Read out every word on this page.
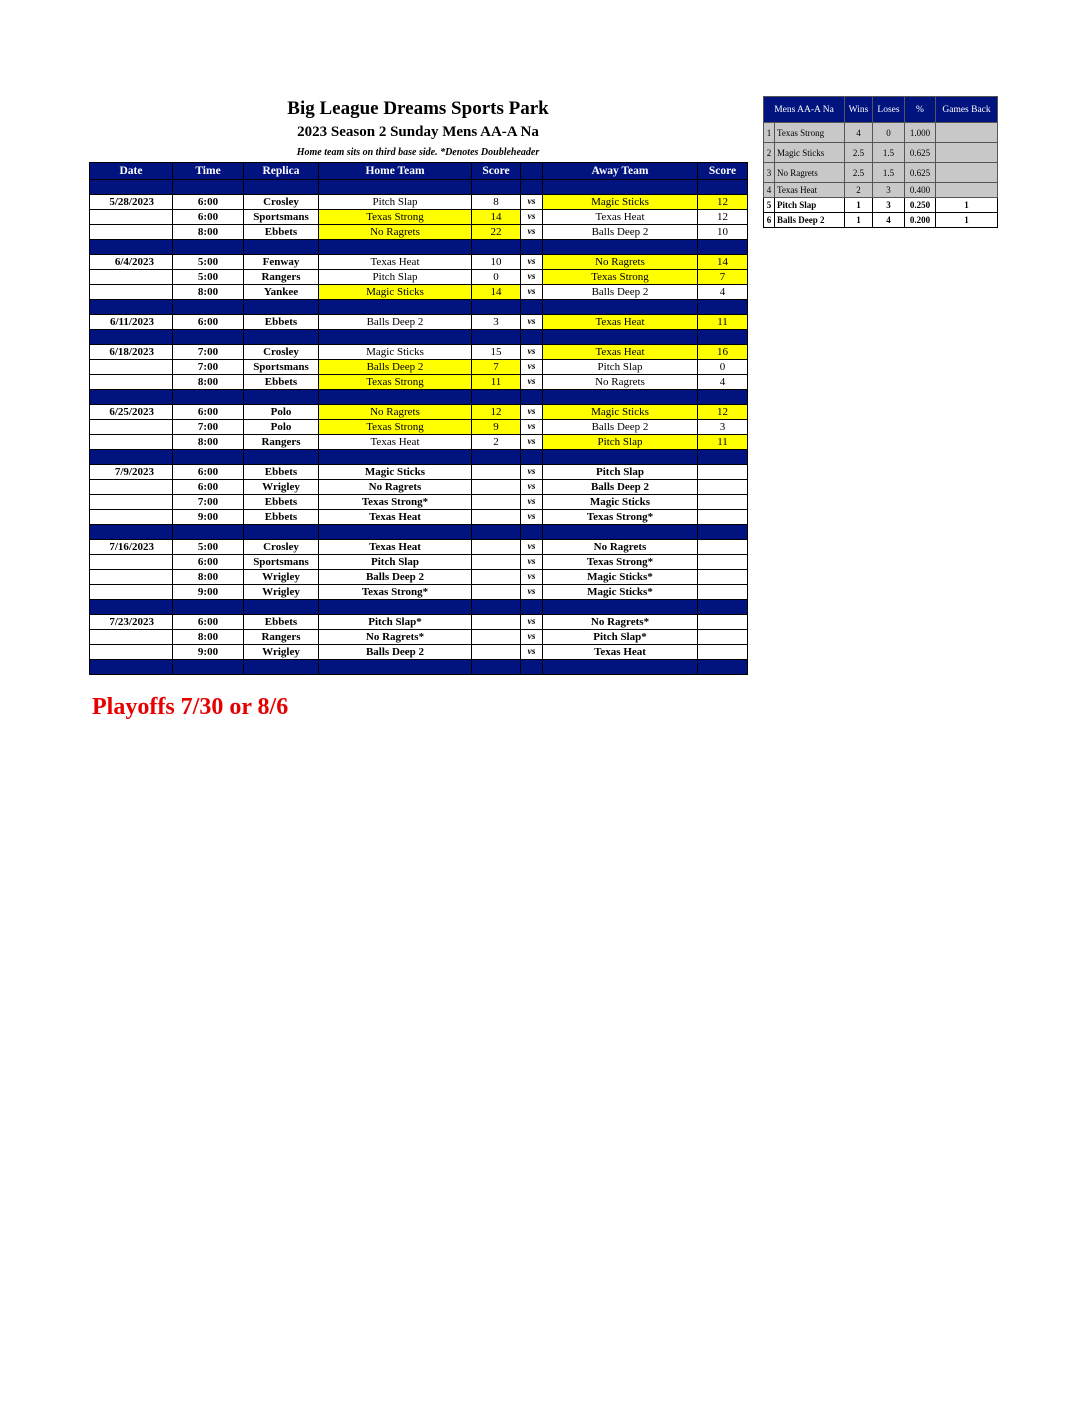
Big League Dreams Sports Park
2023 Season 2 Sunday Mens AA-A Na
Home team sits on third base side. *Denotes Doubleheader
Date	Time	Replica	Home Team	Score		Away Team	Score

5/28/2023	6:00	Crosley	Pitch Slap	8	vs	Magic Sticks	12
	6:00	Sportsmans	Texas Strong	14	vs	Texas Heat	12
	8:00	Ebbets	No Ragrets	22	vs	Balls Deep 2	10

6/4/2023	5:00	Fenway	Texas Heat	10	vs	No Ragrets	14
	5:00	Rangers	Pitch Slap	0	vs	Texas Strong	7
	8:00	Yankee	Magic Sticks	14	vs	Balls Deep 2	4

6/11/2023	6:00	Ebbets	Balls Deep 2	3	vs	Texas Heat	11

6/18/2023	7:00	Crosley	Magic Sticks	15	vs	Texas Heat	16
	7:00	Sportsmans	Balls Deep 2	7	vs	Pitch Slap	0
	8:00	Ebbets	Texas Strong	11	vs	No Ragrets	4

6/25/2023	6:00	Polo	No Ragrets	12	vs	Magic Sticks	12
	7:00	Polo	Texas Strong	9	vs	Balls Deep 2	3
	8:00	Rangers	Texas Heat	2	vs	Pitch Slap	11

7/9/2023	6:00	Ebbets	Magic Sticks		vs	Pitch Slap	
	6:00	Wrigley	No Ragrets		vs	Balls Deep 2	
	7:00	Ebbets	Texas Strong*		vs	Magic Sticks	
	9:00	Ebbets	Texas Heat		vs	Texas Strong*	

7/16/2023	5:00	Crosley	Texas Heat		vs	No Ragrets	
	6:00	Sportsmans	Pitch Slap		vs	Texas Strong*	
	8:00	Wrigley	Balls Deep 2		vs	Magic Sticks*	
	9:00	Wrigley	Texas Strong*		vs	Magic Sticks*	

7/23/2023	6:00	Ebbets	Pitch Slap*		vs	No Ragrets*	
	8:00	Rangers	No Ragrets*		vs	Pitch Slap*	
	9:00	Wrigley	Balls Deep 2		vs	Texas Heat	

Mens AA-A Na		Wins	Loses	%	Games Back
1	Texas Strong	4	0	1.000	
2	Magic Sticks	2.5	1.5	0.625	
3	No Ragrets	2.5	1.5	0.625	
4	Texas Heat	2	3	0.400	
5	Pitch Slap	1	3	0.250	1
6	Balls Deep 2	1	4	0.200	1
Playoffs 7/30 or 8/6
